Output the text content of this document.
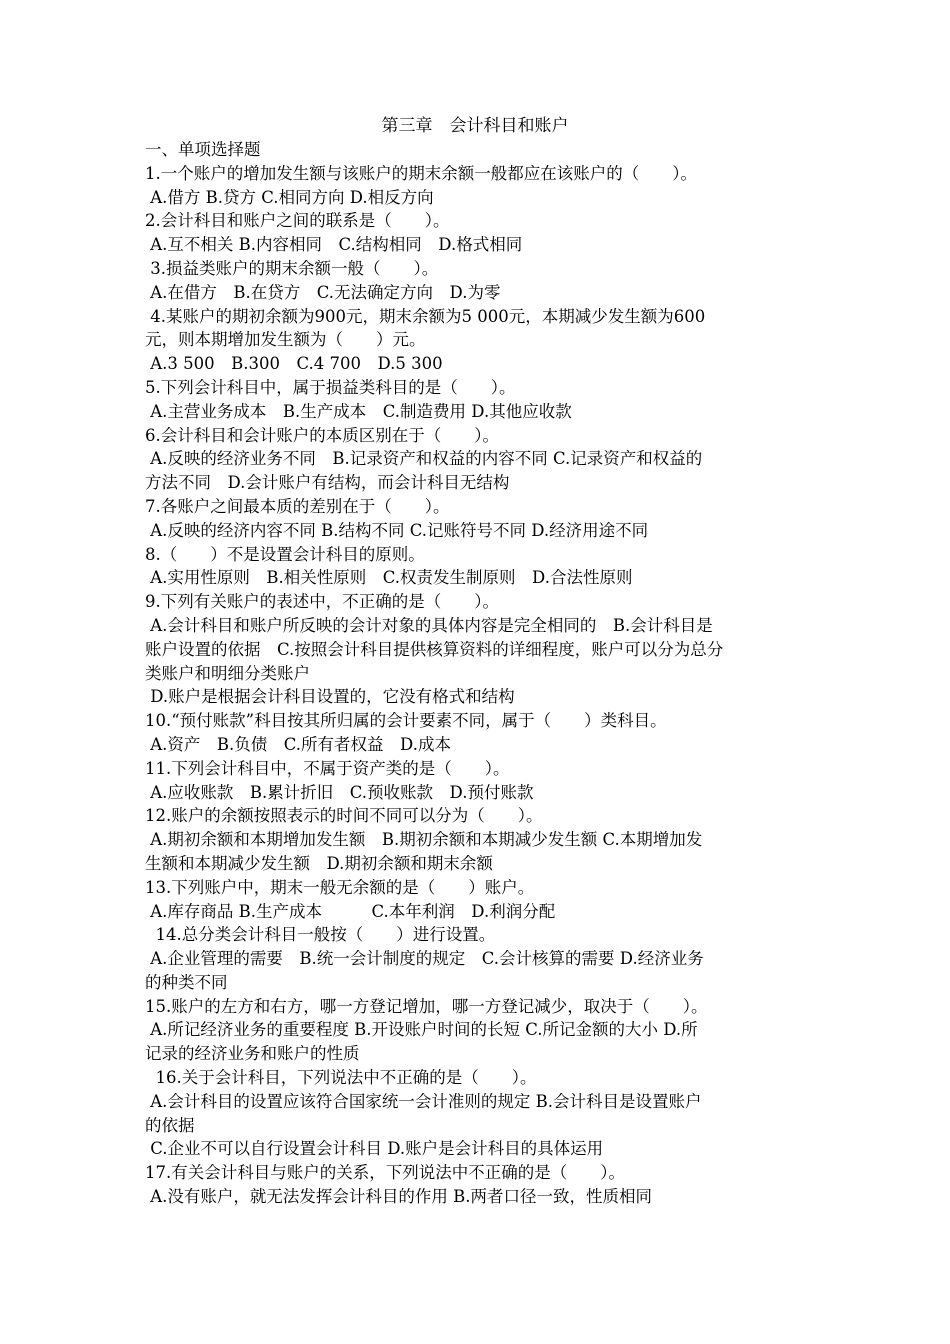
第三章　会计科目和账户
一、单项选择题
1.一个账户的增加发生额与该账户的期末余额一般都应在该账户的（　　）。
A.借方 B.贷方 C.相同方向 D.相反方向
2.会计科目和账户之间的联系是（　　）。
A.互不相关 B.内容相同　C.结构相同　D.格式相同
3.损益类账户的期末余额一般（　　）。
A.在借方　B.在贷方　C.无法确定方向　D.为零
4.某账户的期初余额为900元，期末余额为5 000元，本期减少发生额为600
元，则本期增加发生额为（　　）元。
A.3 500　B.300　C.4 700　D.5 300
5.下列会计科目中，属于损益类科目的是（　　）。
A.主营业务成本　B.生产成本　C.制造费用 D.其他应收款
6.会计科目和会计账户的本质区别在于（　　）。
A.反映的经济业务不同　B.记录资产和权益的内容不同 C.记录资产和权益的
方法不同　D.会计账户有结构，而会计科目无结构
7.各账户之间最本质的差别在于（　　）。
A.反映的经济内容不同 B.结构不同 C.记账符号不同 D.经济用途不同
8.（　　）不是设置会计科目的原则。
A.实用性原则　B.相关性原则　C.权责发生制原则　D.合法性原则
9.下列有关账户的表述中，不正确的是（　　）。
A.会计科目和账户所反映的会计对象的具体内容是完全相同的　B.会计科目是
账户设置的依据　C.按照会计科目提供核算资料的详细程度，账户可以分为总分
类账户和明细分类账户
D.账户是根据会计科目设置的，它没有格式和结构
10.“预付账款”科目按其所归属的会计要素不同，属于（　　）类科目。
A.资产　B.负债　C.所有者权益　D.成本
11.下列会计科目中，不属于资产类的是（　　）。
A.应收账款　B.累计折旧　C.预收账款　D.预付账款
12.账户的余额按照表示的时间不同可以分为（　　）。
A.期初余额和本期增加发生额　B.期初余额和本期减少发生额 C.本期增加发
生额和本期减少发生额　D.期初余额和期末余额
13.下列账户中，期末一般无余额的是（　　）账户。
A.库存商品 B.生产成本　　　C.本年利润　D.利润分配
14.总分类会计科目一般按（　　）进行设置。
A.企业管理的需要　B.统一会计制度的规定　C.会计核算的需要 D.经济业务
的种类不同
15.账户的左方和右方，哪一方登记增加，哪一方登记减少，取决于（　　）。
A.所记经济业务的重要程度 B.开设账户时间的长短 C.所记金额的大小 D.所
记录的经济业务和账户的性质
16.关于会计科目，下列说法中不正确的是（　　）。
A.会计科目的设置应该符合国家统一会计准则的规定 B.会计科目是设置账户
的依据
C.企业不可以自行设置会计科目 D.账户是会计科目的具体运用
17.有关会计科目与账户的关系，下列说法中不正确的是（　　）。
A.没有账户，就无法发挥会计科目的作用 B.两者口径一致，性质相同
